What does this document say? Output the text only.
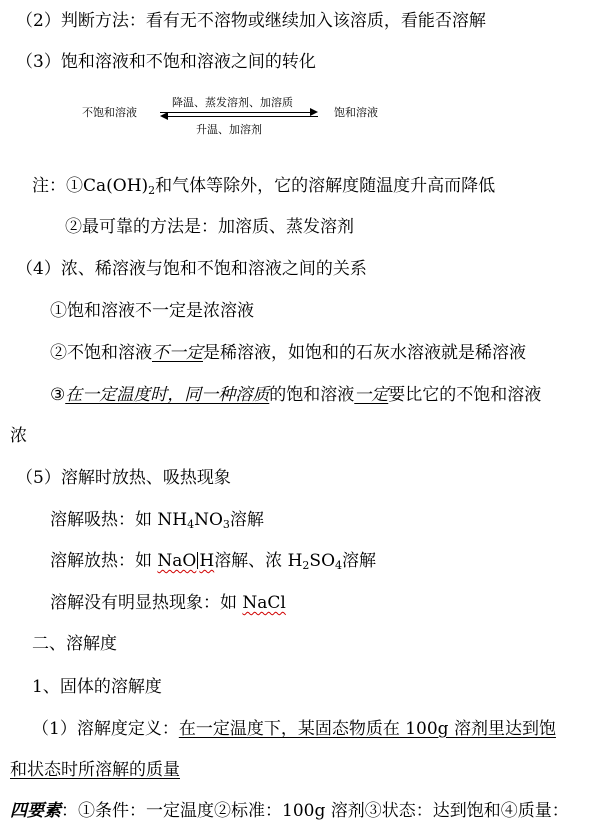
（2）判断方法：看有无不溶物或继续加入该溶质，看能否溶解
（3）饱和溶液和不饱和溶液之间的转化
不饱和溶液
降温、蒸发溶剂、加溶质
升温、加溶剂
饱和溶液
注：$①Ca(OH)_2$和气体等除外，它的溶解度随温度升高而降低
②最可靠的方法是：加溶质、蒸发溶剂
（4）浓、稀溶液与饱和不饱和溶液之间的关系
①饱和溶液不一定是浓溶液
②不饱和溶液不一定是稀溶液，如饱和的石灰水溶液就是稀溶液
③在一定温度时，同一种溶质的饱和溶液一定要比它的不饱和溶液
浓
（5）溶解时放热、吸热现象
溶解吸热：如 $NH_4NO_3$溶解
溶解放热：如 NaO H溶解、浓 $H_2SO_4$溶解
溶解没有明显热现象：如 NaCl
二、溶解度
1、固体的溶解度
（1）溶解度定义：在一定温度下，某固态物质在 100g 溶剂里达到饱
和状态时所溶解的质量
四要素：①条件：一定温度②标准：100g 溶剂③状态：达到饱和④质量：
